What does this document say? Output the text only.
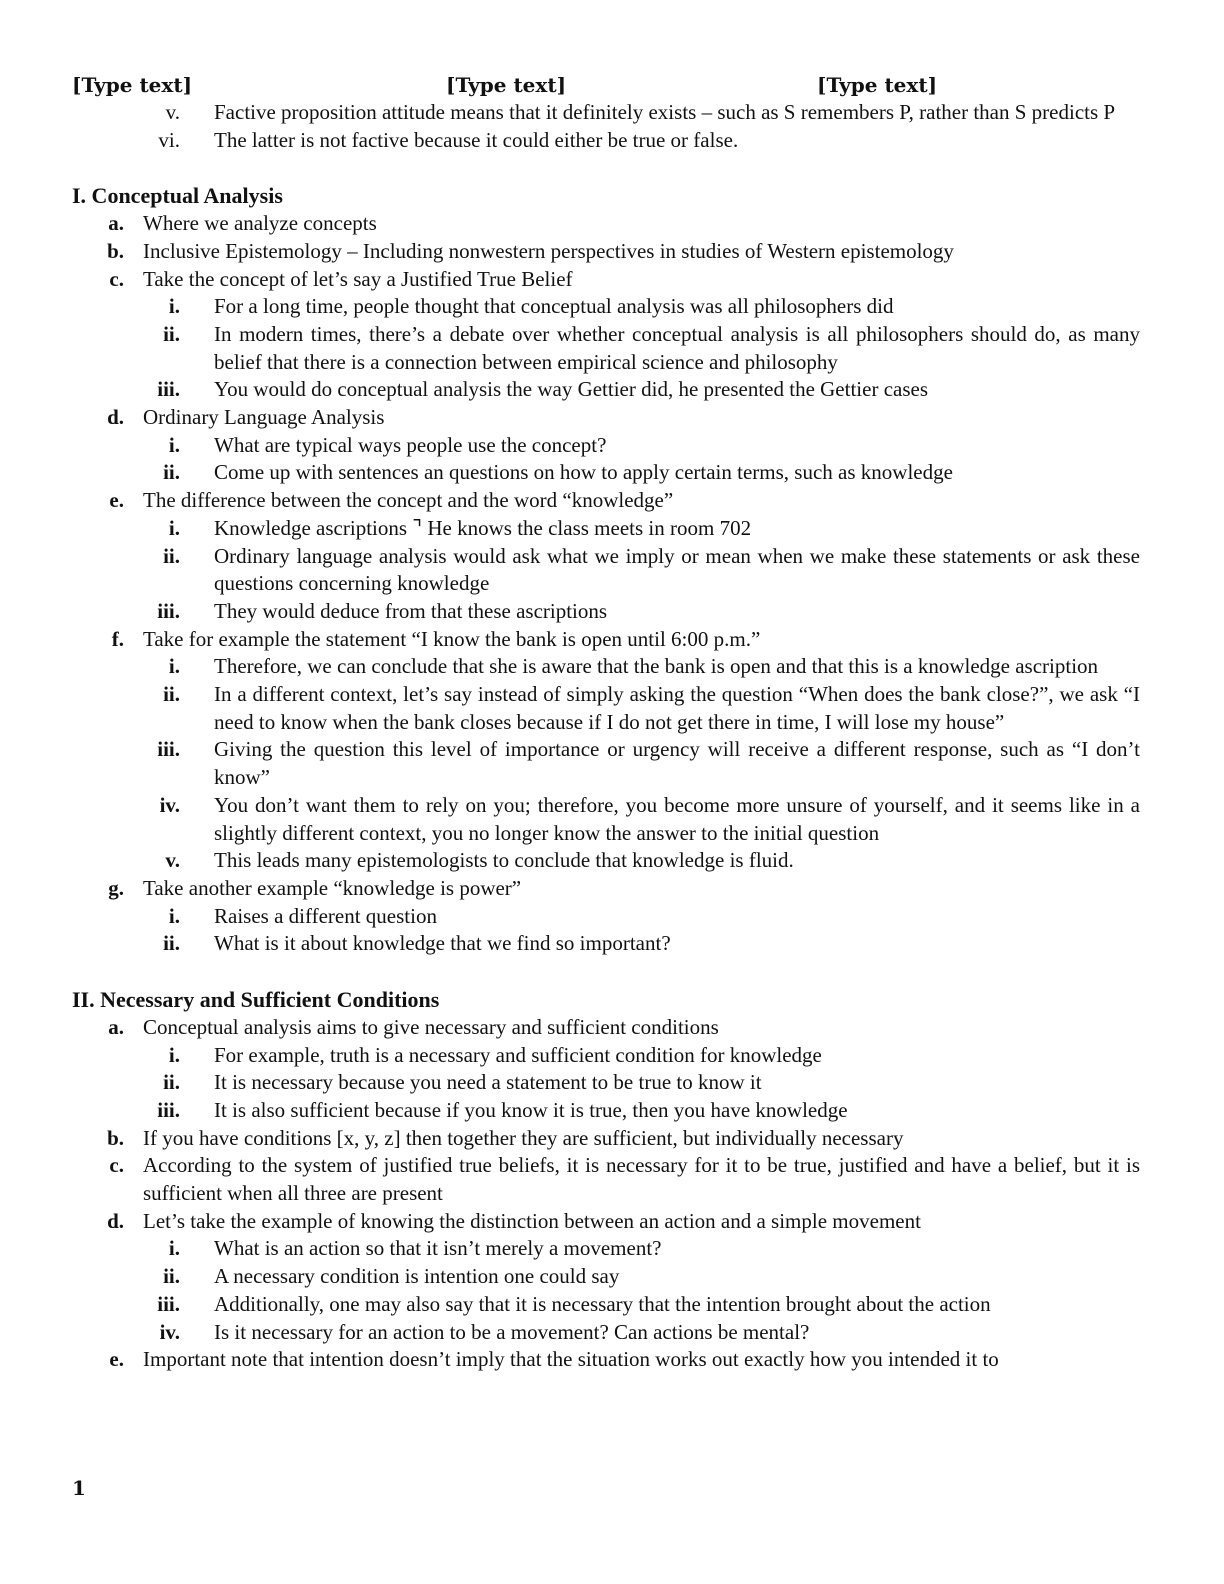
[Type text]	[Type text]	[Type text]
v. Factive proposition attitude means that it definitely exists – such as S remembers P, rather than S predicts P
vi. The latter is not factive because it could either be true or false.
I. Conceptual Analysis
a. Where we analyze concepts
b. Inclusive Epistemology – Including nonwestern perspectives in studies of Western epistemology
c. Take the concept of let’s say a Justified True Belief
i. For a long time, people thought that conceptual analysis was all philosophers did
ii. In modern times, there’s a debate over whether conceptual analysis is all philosophers should do, as many belief that there is a connection between empirical science and philosophy
iii. You would do conceptual analysis the way Gettier did, he presented the Gettier cases
d. Ordinary Language Analysis
i. What are typical ways people use the concept?
ii. Come up with sentences an questions on how to apply certain terms, such as knowledge
e. The difference between the concept and the word “knowledge”
i. Knowledge ascriptions ⌝ He knows the class meets in room 702
ii. Ordinary language analysis would ask what we imply or mean when we make these statements or ask these questions concerning knowledge
iii. They would deduce from that these ascriptions
f. Take for example the statement “I know the bank is open until 6:00 p.m.”
i. Therefore, we can conclude that she is aware that the bank is open and that this is a knowledge ascription
ii. In a different context, let’s say instead of simply asking the question “When does the bank close?”, we ask “I need to know when the bank closes because if I do not get there in time, I will lose my house”
iii. Giving the question this level of importance or urgency will receive a different response, such as “I don’t know”
iv. You don’t want them to rely on you; therefore, you become more unsure of yourself, and it seems like in a slightly different context, you no longer know the answer to the initial question
v. This leads many epistemologists to conclude that knowledge is fluid.
g. Take another example “knowledge is power”
i. Raises a different question
ii. What is it about knowledge that we find so important?
II. Necessary and Sufficient Conditions
a. Conceptual analysis aims to give necessary and sufficient conditions
i. For example, truth is a necessary and sufficient condition for knowledge
ii. It is necessary because you need a statement to be true to know it
iii. It is also sufficient because if you know it is true, then you have knowledge
b. If you have conditions [x, y, z] then together they are sufficient, but individually necessary
c. According to the system of justified true beliefs, it is necessary for it to be true, justified and have a belief, but it is sufficient when all three are present
d. Let’s take the example of knowing the distinction between an action and a simple movement
i. What is an action so that it isn’t merely a movement?
ii. A necessary condition is intention one could say
iii. Additionally, one may also say that it is necessary that the intention brought about the action
iv. Is it necessary for an action to be a movement? Can actions be mental?
e. Important note that intention doesn’t imply that the situation works out exactly how you intended it to
1
